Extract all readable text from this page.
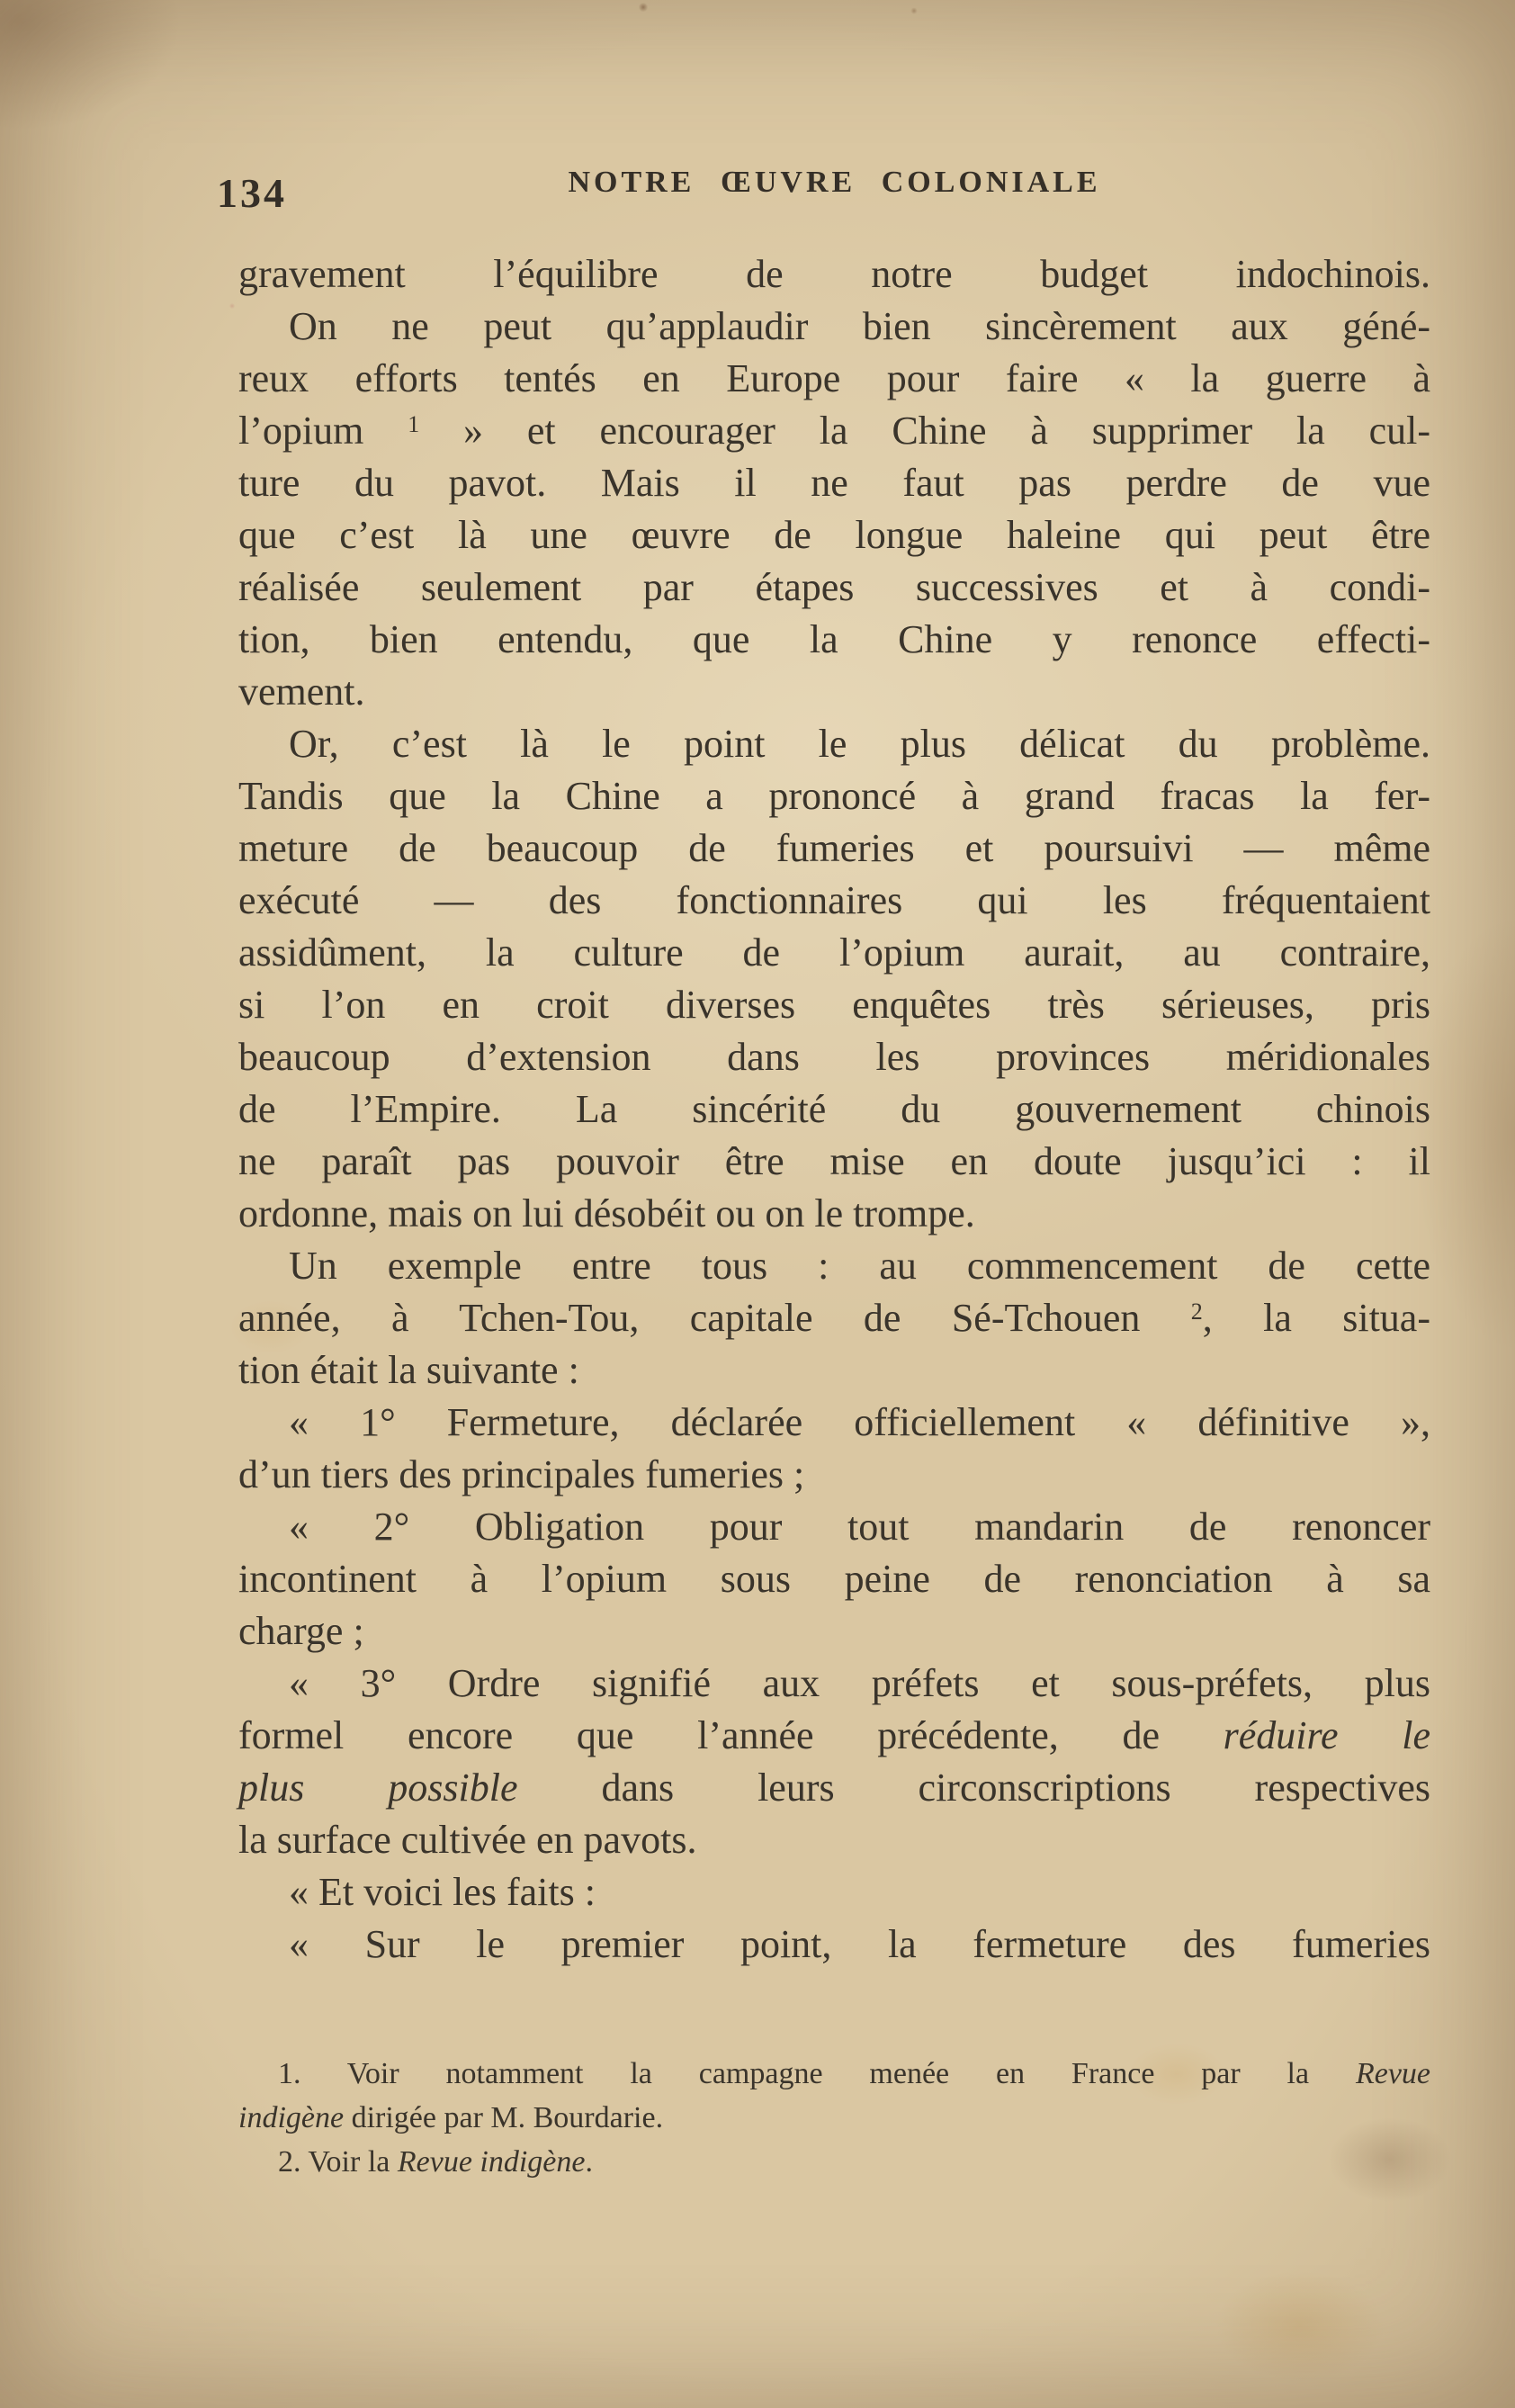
134	NOTRE ŒUVRE COLONIALE
gravement l’équilibre de notre budget indochinois.
On ne peut qu’applaudir bien sincèrement aux géné-
reux efforts tentés en Europe pour faire « la guerre à
l’opium $^1$ » et encourager la Chine à supprimer la cul-
ture du pavot. Mais il ne faut pas perdre de vue
que c’est là une œuvre de longue haleine qui peut être
réalisée seulement par étapes successives et à condi-
tion, bien entendu, que la Chine y renonce effecti-
vement.
Or, c’est là le point le plus délicat du problème.
Tandis que la Chine a prononcé à grand fracas la fer-
meture de beaucoup de fumeries et poursuivi — même
exécuté — des fonctionnaires qui les fréquentaient
assidûment, la culture de l’opium aurait, au contraire,
si l’on en croit diverses enquêtes très sérieuses, pris
beaucoup d’extension dans les provinces méridionales
de l’Empire. La sincérité du gouvernement chinois
ne paraît pas pouvoir être mise en doute jusqu’ici : il
ordonne, mais on lui désobéit ou on le trompe.
Un exemple entre tous : au commencement de cette
année, à Tchen-Tou, capitale de Sé-Tchouen $^2$, la situa-
tion était la suivante :
« 1° Fermeture, déclarée officiellement « définitive »,
d’un tiers des principales fumeries ;
« 2° Obligation pour tout mandarin de renoncer
incontinent à l’opium sous peine de renonciation à sa
charge ;
« 3° Ordre signifié aux préfets et sous-préfets, plus
formel encore que l’année précédente, de réduire le
plus possible dans leurs circonscriptions respectives
la surface cultivée en pavots.
« Et voici les faits :
« Sur le premier point, la fermeture des fumeries
1. Voir notamment la campagne menée en France par la Revue
indigène dirigée par M. Bourdarie.
2. Voir la Revue indigène.
